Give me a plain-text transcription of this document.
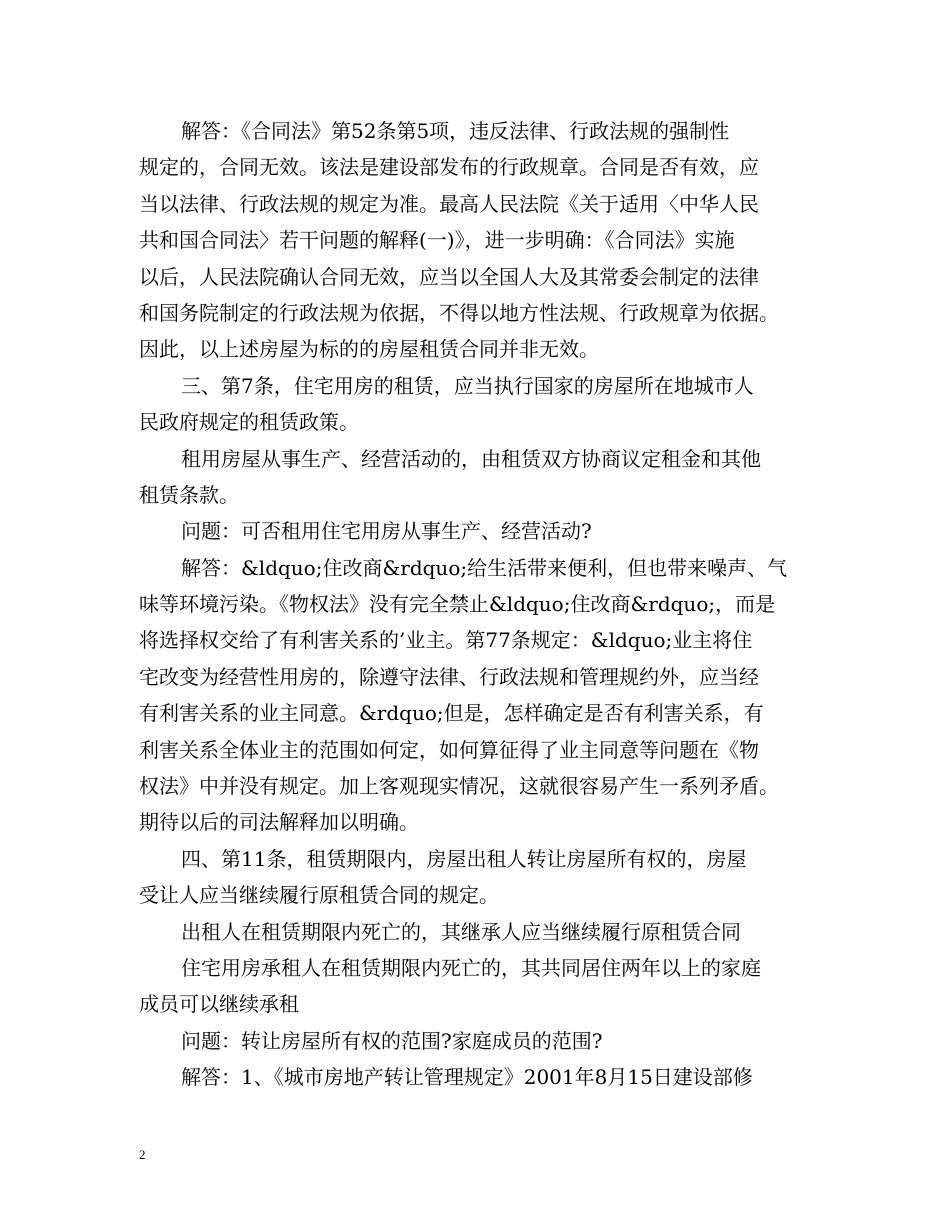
解答：《合同法》第52条第5项，违反法律、行政法规的强制性
规定的，合同无效。该法是建设部发布的行政规章。合同是否有效，应
当以法律、行政法规的规定为准。最高人民法院《关于适用〈中华人民
共和国合同法〉若干问题的解释(一)》，进一步明确：《合同法》实施
以后，人民法院确认合同无效，应当以全国人大及其常委会制定的法律
和国务院制定的行政法规为依据，不得以地方性法规、行政规章为依据。
因此，以上述房屋为标的的房屋租赁合同并非无效。
三、第7条，住宅用房的租赁，应当执行国家的房屋所在地城市人
民政府规定的租赁政策。
租用房屋从事生产、经营活动的，由租赁双方协商议定租金和其他
租赁条款。
问题：可否租用住宅用房从事生产、经营活动?
解答：&ldquo;住改商&rdquo;给生活带来便利，但也带来噪声、气
味等环境污染。《物权法》没有完全禁止&ldquo;住改商&rdquo;，而是
将选择权交给了有利害关系的’业主。第77条规定：&ldquo;业主将住
宅改变为经营性用房的，除遵守法律、行政法规和管理规约外，应当经
有利害关系的业主同意。&rdquo;但是，怎样确定是否有利害关系，有
利害关系全体业主的范围如何定，如何算征得了业主同意等问题在《物
权法》中并没有规定。加上客观现实情况，这就很容易产生一系列矛盾。
期待以后的司法解释加以明确。
四、第11条，租赁期限内，房屋出租人转让房屋所有权的，房屋
受让人应当继续履行原租赁合同的规定。
出租人在租赁期限内死亡的，其继承人应当继续履行原租赁合同
住宅用房承租人在租赁期限内死亡的，其共同居住两年以上的家庭
成员可以继续承租
问题：转让房屋所有权的范围?家庭成员的范围?
解答：1、《城市房地产转让管理规定》2001年8月15日建设部修
2
